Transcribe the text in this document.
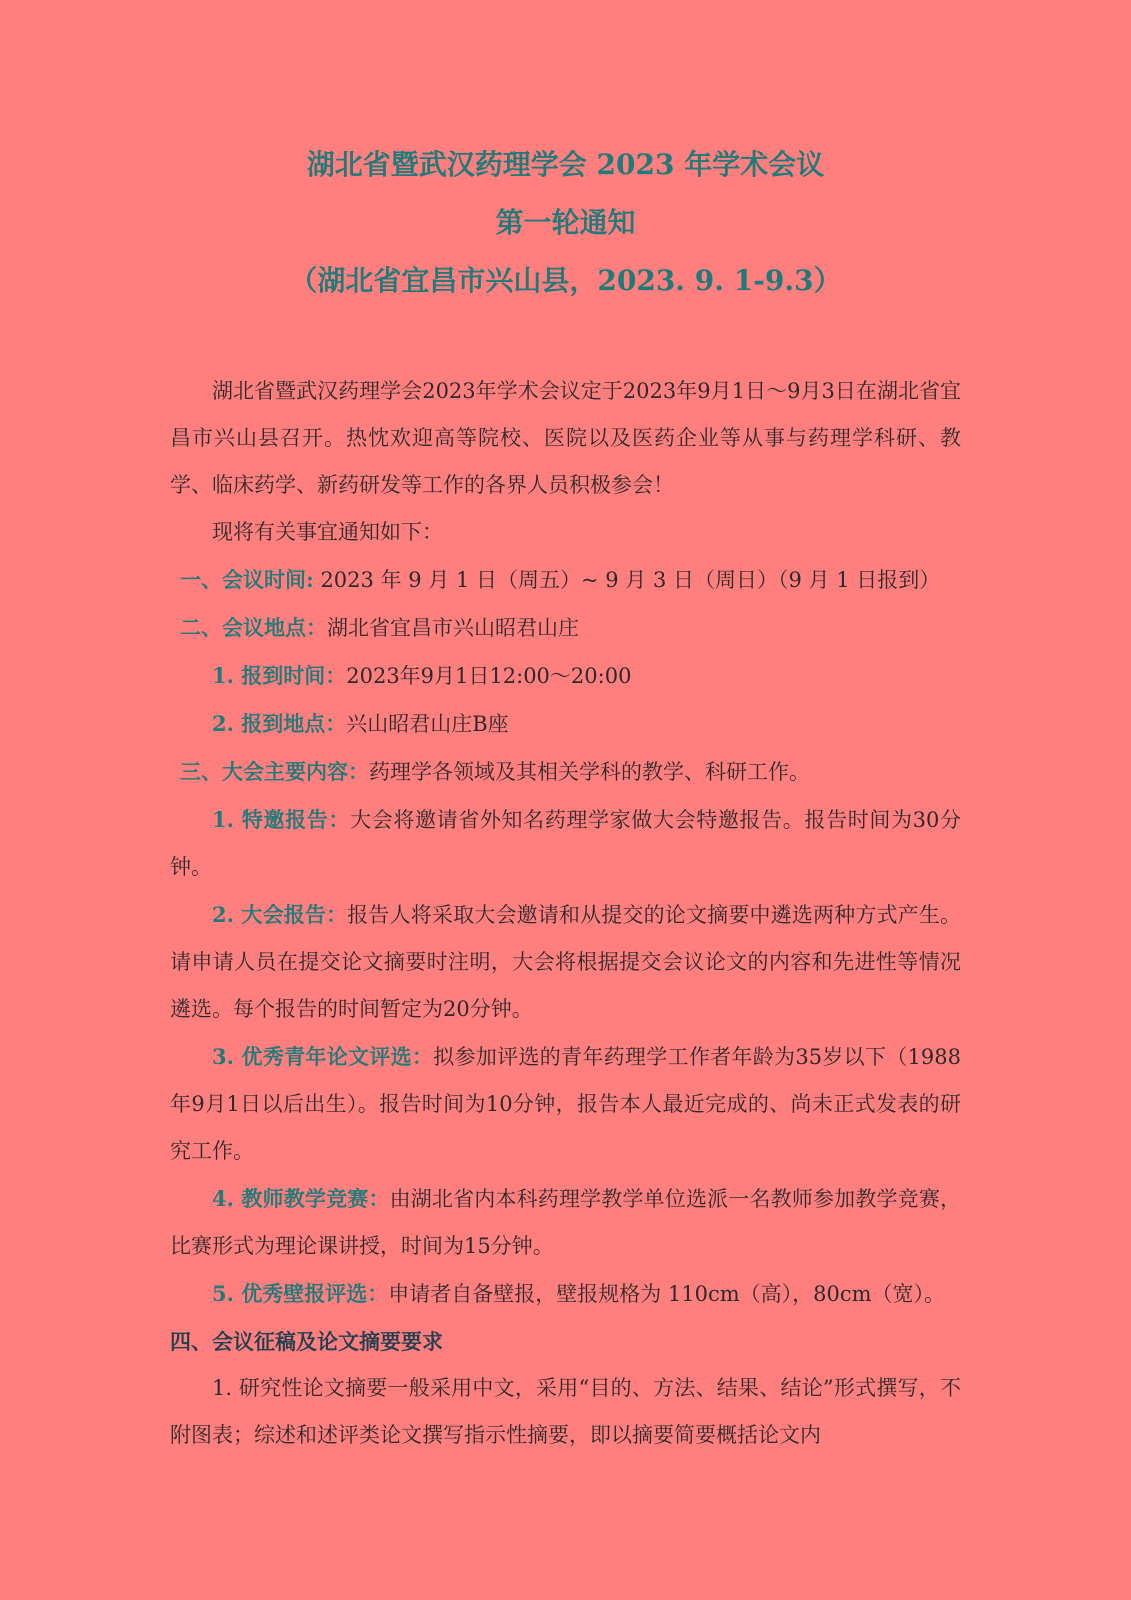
湖北省暨武汉药理学会 2023 年学术会议

第一轮通知

（湖北省宜昌市兴山县，2023. 9. 1-9.3）

湖北省暨武汉药理学会2023年学术会议定于2023年9月1日～9月3日在湖北省宜昌市兴山县召开。热忱欢迎高等院校、医院以及医药企业等从事与药理学科研、教学、临床药学、新药研发等工作的各界人员积极参会！

现将有关事宜通知如下：

一、会议时间: 2023 年 9 月 1 日（周五）~ 9 月 3 日（周日）（9 月 1 日报到）

二、会议地点：湖北省宜昌市兴山昭君山庄

1. 报到时间：2023年9月1日12:00～20:00

2. 报到地点：兴山昭君山庄B座

三、大会主要内容：药理学各领域及其相关学科的教学、科研工作。

1. 特邀报告：大会将邀请省外知名药理学家做大会特邀报告。报告时间为30分钟。

2. 大会报告：报告人将采取大会邀请和从提交的论文摘要中遴选两种方式产生。请申请人员在提交论文摘要时注明，大会将根据提交会议论文的内容和先进性等情况遴选。每个报告的时间暂定为20分钟。

3. 优秀青年论文评选：拟参加评选的青年药理学工作者年龄为35岁以下（1988年9月1日以后出生）。报告时间为10分钟，报告本人最近完成的、尚未正式发表的研究工作。

4. 教师教学竞赛：由湖北省内本科药理学教学单位选派一名教师参加教学竞赛，比赛形式为理论课讲授，时间为15分钟。

5. 优秀壁报评选：申请者自备壁报，壁报规格为 110cm（高），80cm（宽）。

四、会议征稿及论文摘要要求

1. 研究性论文摘要一般采用中文，采用“目的、方法、结果、结论”形式撰写，不附图表；综述和述评类论文撰写指示性摘要，即以摘要简要概括论文内
